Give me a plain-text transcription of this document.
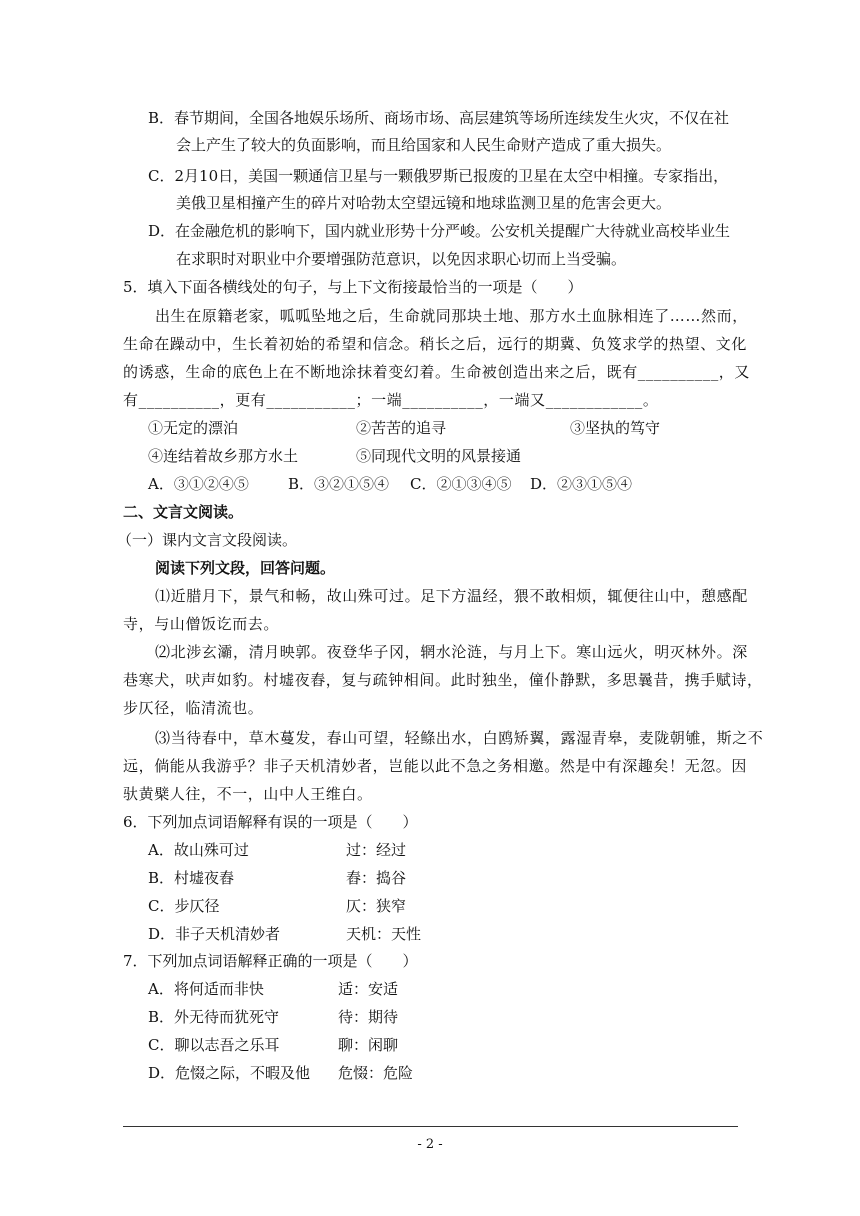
B．春节期间，全国各地娱乐场所、商场市场、高层建筑等场所连续发生火灾，不仅在社
会上产生了较大的负面影响，而且给国家和人民生命财产造成了重大损失。
C．2月10日，美国一颗通信卫星与一颗俄罗斯已报废的卫星在太空中相撞。专家指出，
美俄卫星相撞产生的碎片对哈勃太空望远镜和地球监测卫星的危害会更大。
D．在金融危机的影响下，国内就业形势十分严峻。公安机关提醒广大待就业高校毕业生
在求职时对职业中介要增强防范意识，以免因求职心切而上当受骗。
5．填入下面各横线处的句子，与上下文衔接最恰当的一项是（　　）
出生在原籍老家，呱呱坠地之后，生命就同那块土地、那方水土血脉相连了……然而，
生命在躁动中，生长着初始的希望和信念。稍长之后，远行的期冀、负笈求学的热望、文化
的诱惑，生命的底色上在不断地涂抹着变幻着。生命被创造出来之后，既有__________，又
有__________，更有___________；一端__________，一端又____________。
①无定的漂泊	②苦苦的追寻	③坚执的笃守
④连结着故乡那方水土	⑤同现代文明的风景接通
A．③①②④⑤	B．③②①⑤④ C．②①③④⑤ D．②③①⑤④
二、文言文阅读。
（一）课内文言文段阅读。
阅读下列文段，回答问题。
⑴近腊月下，景气和畅，故山殊可过。足下方温经，猥不敢相烦，辄便往山中，憩感配
寺，与山僧饭讫而去。
⑵北涉玄灞，清月映郭。夜登华子冈，辋水沦涟，与月上下。寒山远火，明灭林外。深
巷寒犬，吠声如豹。村墟夜舂，复与疏钟相间。此时独坐，僮仆静默，多思曩昔，携手赋诗，
步仄径，临清流也。
⑶当待春中，草木蔓发，春山可望，轻鲦出水，白鸥矫翼，露湿青皋，麦陇朝雊，斯之不
远，倘能从我游乎？非子天机清妙者，岂能以此不急之务相邀。然是中有深趣矣！无忽。因
驮黄檗人往，不一，山中人王维白。
6．下列加点词语解释有误的一项是（　　）
A．故山殊可过	过：经过
B．村墟夜舂	舂：捣谷
C．步仄径	仄：狭窄
D．非子天机清妙者	天机：天性
7．下列加点词语解释正确的一项是（　　）
A．将何适而非快	适：安适
B．外无待而犹死守	待：期待
C．聊以志吾之乐耳	聊：闲聊
D．危惙之际，不暇及他 危惙：危险
- 2 -
